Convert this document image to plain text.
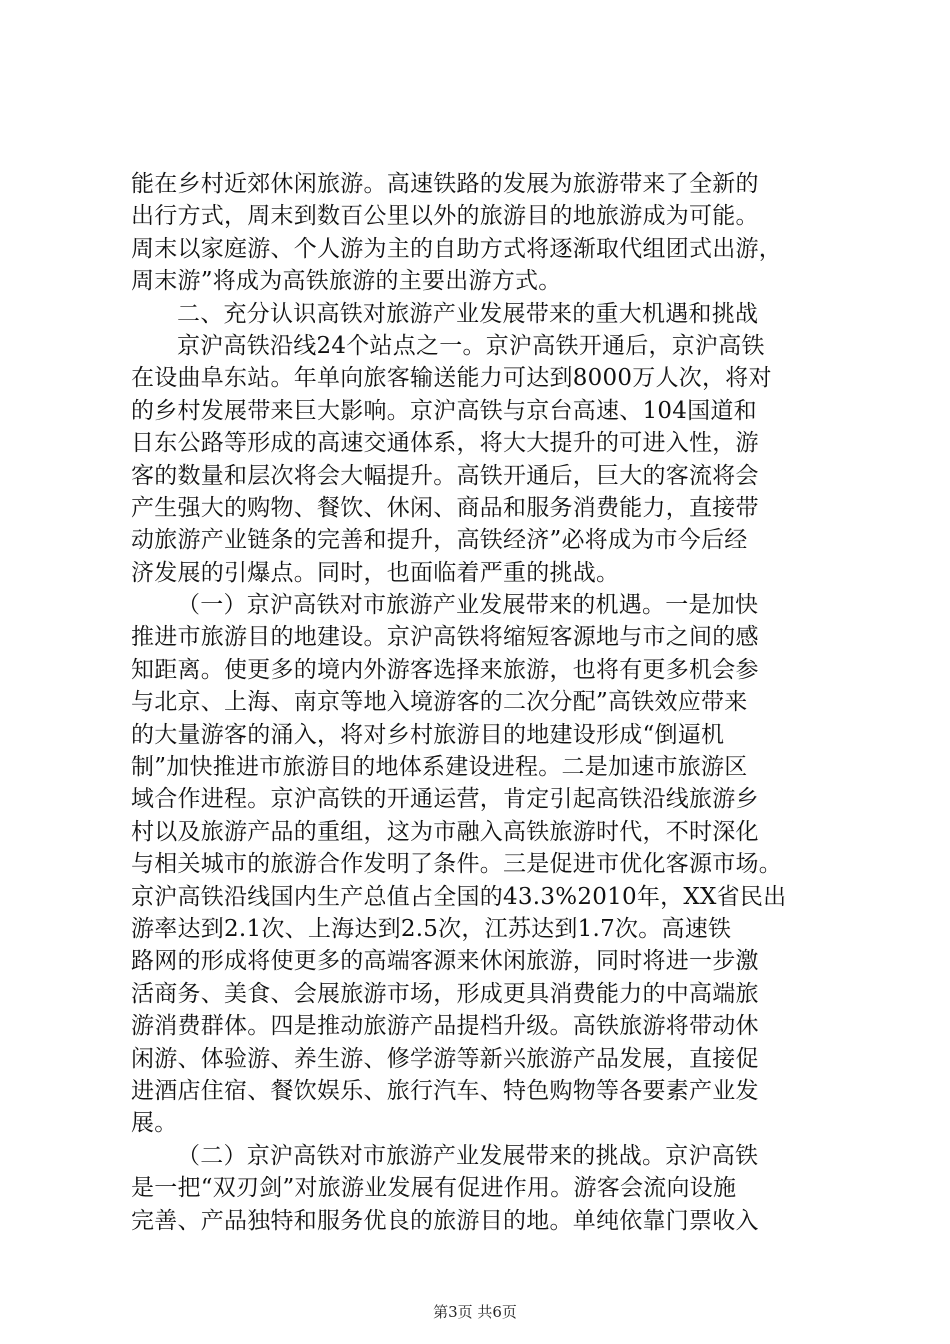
能在乡村近郊休闲旅游。高速铁路的发展为旅游带来了全新的
出行方式，周末到数百公里以外的旅游目的地旅游成为可能。
周末以家庭游、个人游为主的自助方式将逐渐取代组团式出游，
周末游”将成为高铁旅游的主要出游方式。
二、充分认识高铁对旅游产业发展带来的重大机遇和挑战
京沪高铁沿线24个站点之一。京沪高铁开通后，京沪高铁
在设曲阜东站。年单向旅客输送能力可达到8000万人次，将对
的乡村发展带来巨大影响。京沪高铁与京台高速、104国道和
日东公路等形成的高速交通体系，将大大提升的可进入性，游
客的数量和层次将会大幅提升。高铁开通后，巨大的客流将会
产生强大的购物、餐饮、休闲、商品和服务消费能力，直接带
动旅游产业链条的完善和提升，高铁经济”必将成为市今后经
济发展的引爆点。同时，也面临着严重的挑战。
（一）京沪高铁对市旅游产业发展带来的机遇。一是加快
推进市旅游目的地建设。京沪高铁将缩短客源地与市之间的感
知距离。使更多的境内外游客选择来旅游，也将有更多机会参
与北京、上海、南京等地入境游客的二次分配”高铁效应带来
的大量游客的涌入，将对乡村旅游目的地建设形成“倒逼机
制”加快推进市旅游目的地体系建设进程。二是加速市旅游区
域合作进程。京沪高铁的开通运营，肯定引起高铁沿线旅游乡
村以及旅游产品的重组，这为市融入高铁旅游时代，不时深化
与相关城市的旅游合作发明了条件。三是促进市优化客源市场。
京沪高铁沿线国内生产总值占全国的43.3%2010年，XX省民出
游率达到2.1次、上海达到2.5次，江苏达到1.7次。高速铁
路网的形成将使更多的高端客源来休闲旅游，同时将进一步激
活商务、美食、会展旅游市场，形成更具消费能力的中高端旅
游消费群体。四是推动旅游产品提档升级。高铁旅游将带动休
闲游、体验游、养生游、修学游等新兴旅游产品发展，直接促
进酒店住宿、餐饮娱乐、旅行汽车、特色购物等各要素产业发
展。
（二）京沪高铁对市旅游产业发展带来的挑战。京沪高铁
是一把“双刃剑”对旅游业发展有促进作用。游客会流向设施
完善、产品独特和服务优良的旅游目的地。单纯依靠门票收入
第3页 共6页
